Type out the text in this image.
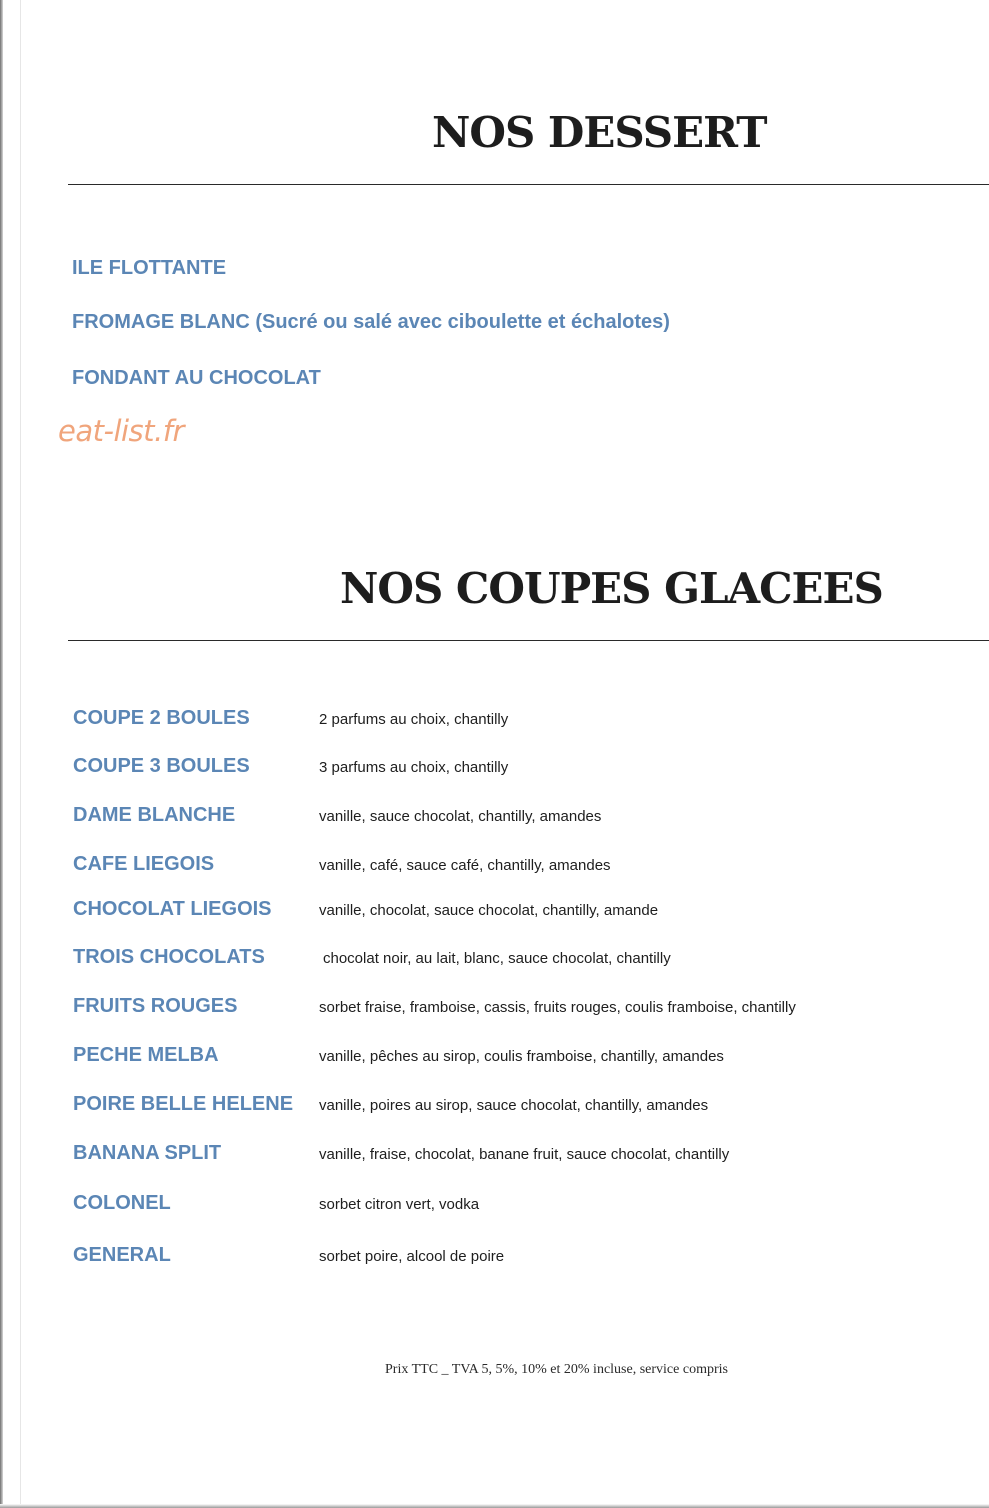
NOS DESSERT

ILE FLOTTANTE

FROMAGE BLANC (Sucré ou salé avec ciboulette et échalotes)

FONDANT AU CHOCOLAT

eat-list.fr
NOS COUPES GLACEES
COUPE 2 BOULES	2 parfums au choix, chantilly
COUPE 3 BOULES	3 parfums au choix, chantilly
DAME BLANCHE	vanille, sauce chocolat, chantilly, amandes
CAFE LIEGOIS	vanille, café, sauce café, chantilly, amandes
CHOCOLAT LIEGOIS	vanille, chocolat, sauce chocolat, chantilly, amande
TROIS CHOCOLATS	chocolat noir, au lait, blanc, sauce chocolat, chantilly
FRUITS ROUGES	sorbet fraise, framboise, cassis, fruits rouges, coulis framboise, chantilly
PECHE MELBA	vanille, pêches au sirop, coulis framboise, chantilly, amandes
POIRE BELLE HELENE vanille, poires au sirop, sauce chocolat, chantilly, amandes
BANANA SPLIT	vanille, fraise, chocolat, banane fruit, sauce chocolat, chantilly
COLONEL	sorbet citron vert, vodka
GENERAL	sorbet poire, alcool de poire

Prix TTC _ TVA 5, 5%, 10% et 20% incluse, service compris
